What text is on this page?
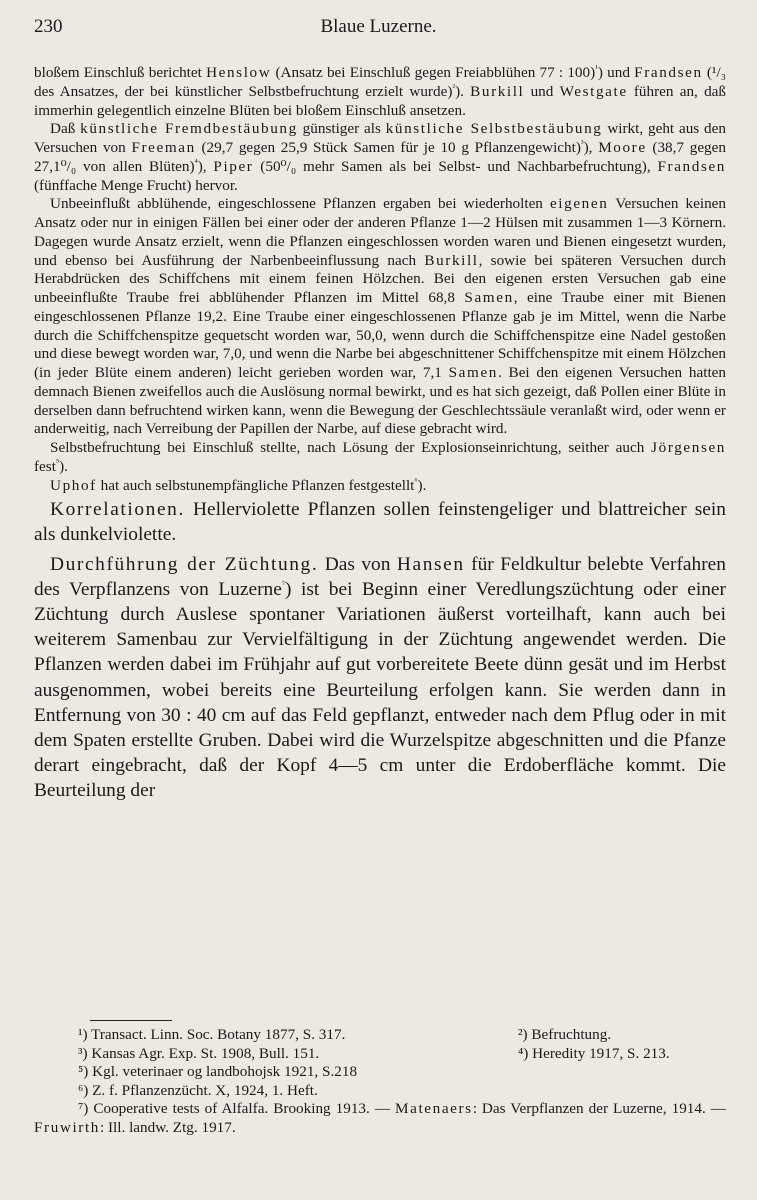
230	Blaue Luzerne.

bloßem Einschluß berichtet Henslow (Ansatz bei Einschluß gegen Freiabblühen 77 : 100)$^{^1}$) und Frandsen (¹/₃ des Ansatzes, der bei künstlicher Selbstbefruchtung erzielt wurde)$^{^2}$). Burkill und Westgate führen an, daß immerhin gelegentlich einzelne Blüten bei bloßem Einschluß ansetzen.

Daß künstliche Fremdbestäubung günstiger als künstliche Selbstbestäubung wirkt, geht aus den Versuchen von Freeman (29,7 gegen 25,9 Stück Samen für je 10 g Pflanzengewicht)$^{^3}$), Moore (38,7 gegen 27,1⁰/₀ von allen Blüten)$^{^4}$), Piper (50⁰/₀ mehr Samen als bei Selbst- und Nachbarbefruchtung), Frandsen (fünffache Menge Frucht) hervor.

Unbeeinflußt abblühende, eingeschlossene Pflanzen ergaben bei wiederholten eigenen Versuchen keinen Ansatz oder nur in einigen Fällen bei einer oder der anderen Pflanze 1—2 Hülsen mit zusammen 1—3 Körnern. Dagegen wurde Ansatz erzielt, wenn die Pflanzen eingeschlossen worden waren und Bienen eingesetzt wurden, und ebenso bei Ausführung der Narbenbeeinflussung nach Burkill, sowie bei späteren Versuchen durch Herabdrücken des Schiffchens mit einem feinen Hölzchen. Bei den eigenen ersten Versuchen gab eine unbeeinflußte Traube frei abblühender Pflanzen im Mittel 68,8 Samen, eine Traube einer mit Bienen eingeschlossenen Pflanze 19,2. Eine Traube einer eingeschlossenen Pflanze gab je im Mittel, wenn die Narbe durch die Schiffchenspitze gequetscht worden war, 50,0, wenn durch die Schiffchenspitze eine Nadel gestoßen und diese bewegt worden war, 7,0, und wenn die Narbe bei abgeschnittener Schiffchenspitze mit einem Hölzchen (in jeder Blüte einem anderen) leicht gerieben worden war, 7,1 Samen. Bei den eigenen Versuchen hatten demnach Bienen zweifellos auch die Auslösung normal bewirkt, und es hat sich gezeigt, daß Pollen einer Blüte in derselben dann befruchtend wirken kann, wenn die Bewegung der Geschlechtssäule veranlaßt wird, oder wenn er anderweitig, nach Verreibung der Papillen der Narbe, auf diese gebracht wird.

Selbstbefruchtung bei Einschluß stellte, nach Lösung der Explosionseinrichtung, seither auch Jörgensen fest$^{^5}$).

Uphof hat auch selbstunempfängliche Pflanzen festgestellt$^{^6}$).

Korrelationen. Hellerviolette Pflanzen sollen feinstengeliger und blattreicher sein als dunkelviolette.

Durchführung der Züchtung. Das von Hansen für Feldkultur belebte Verfahren des Verpflanzens von Luzerne$^{^7}$) ist bei Beginn einer Veredlungszüchtung oder einer Züchtung durch Auslese spontaner Variationen äußerst vorteilhaft, kann auch bei weiterem Samenbau zur Vervielfältigung in der Züchtung angewendet werden. Die Pflanzen werden dabei im Frühjahr auf gut vorbereitete Beete dünn gesät und im Herbst ausgenommen, wobei bereits eine Beurteilung erfolgen kann. Sie werden dann in Entfernung von 30 : 40 cm auf das Feld gepflanzt, entweder nach dem Pflug oder in mit dem Spaten erstellte Gruben. Dabei wird die Wurzelspitze abgeschnitten und die Pfanze derart eingebracht, daß der Kopf 4—5 cm unter die Erdoberfläche kommt. Die Beurteilung der

¹) Transact. Linn. Soc. Botany 1877, S. 317.	²) Befruchtung.
³) Kansas Agr. Exp. St. 1908, Bull. 151.	⁴) Heredity 1917, S. 213.
⁵) Kgl. veterinaer og landbohojsk 1921, S.218
⁶) Z. f. Pflanzenzücht. X, 1924, 1. Heft.
⁷) Cooperative tests of Alfalfa. Brooking 1913. — Matenaers: Das Verpflanzen der Luzerne, 1914. — Fruwirth: Ill. landw. Ztg. 1917.
